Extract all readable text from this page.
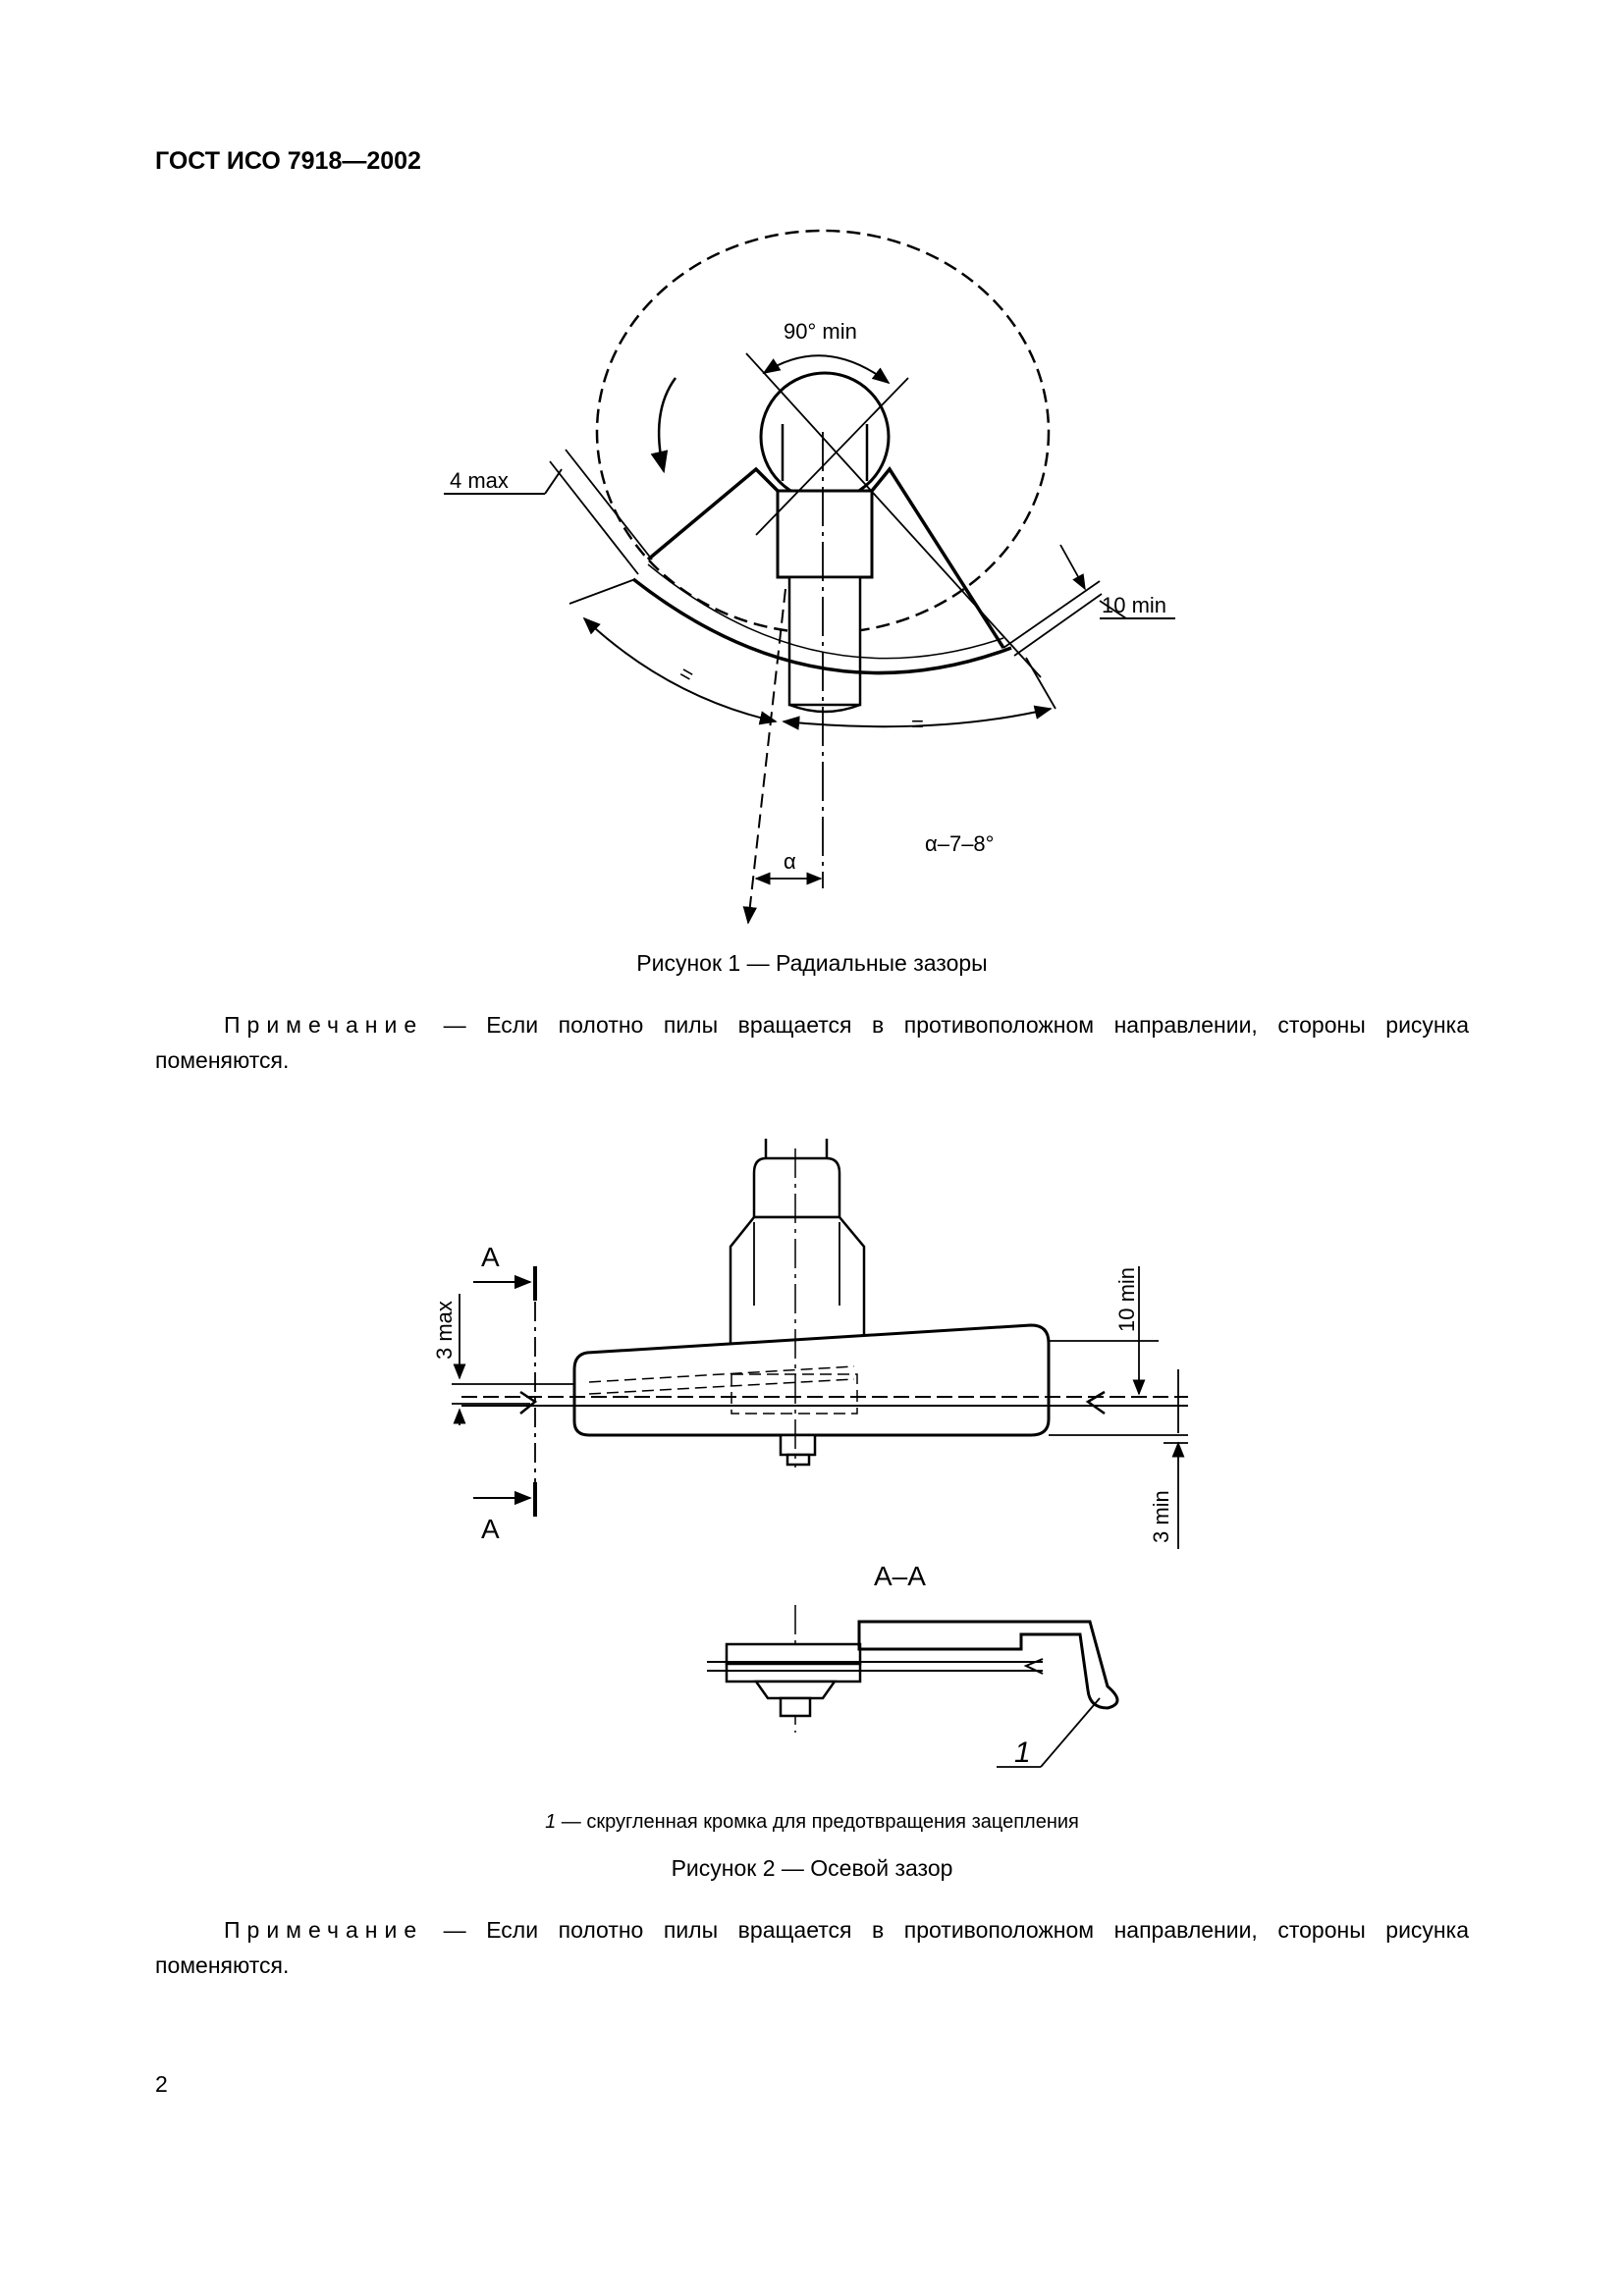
ГОСТ ИСО 7918—2002
90° min
4 max
10 min
=
=
α
α–7–8°
Рисунок 1 — Радиальные зазоры
Примечание — Если полотно пилы вращается в противоположном направлении, стороны рисунка поменяются.
A
A
3 max	10 min
3 min
A–A
1
1 — скругленная кромка для предотвращения зацепления
Рисунок 2 — Осевой зазор
Примечание — Если полотно пилы вращается в противоположном направлении, стороны рисунка поменяются.
2
